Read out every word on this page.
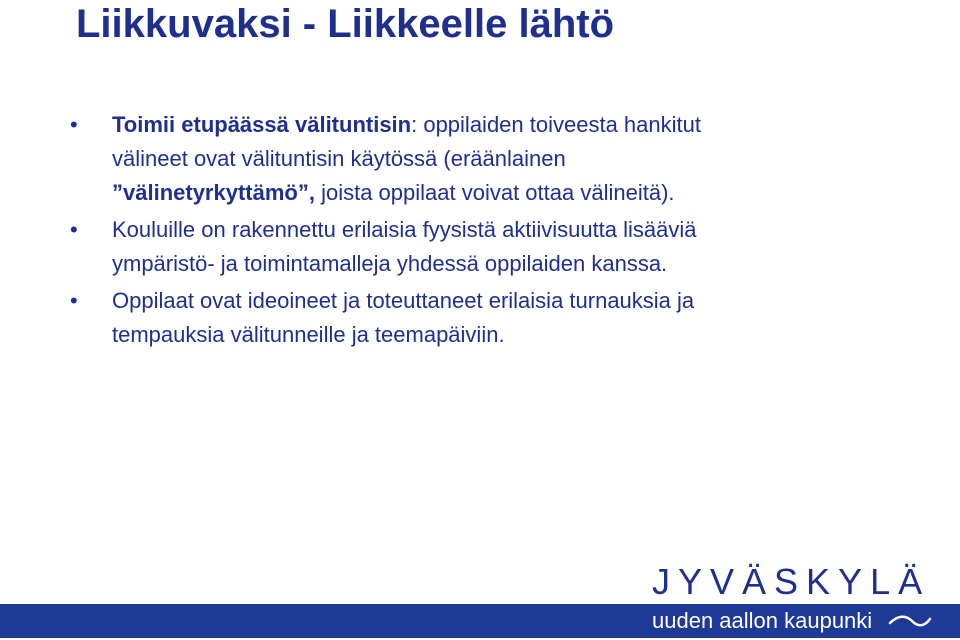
Liikkuvaksi - Liikkeelle lähtö
• Toimii etupäässä välituntisin: oppilaiden toiveesta hankitut
välineet ovat välituntisin käytössä (eräänlainen
”välinetyrkyttämö”, joista oppilaat voivat ottaa välineitä).
• Kouluille on rakennettu erilaisia fyysistä aktiivisuutta lisääviä
ympäristö- ja toimintamalleja yhdessä oppilaiden kanssa.
• Oppilaat ovat ideoineet ja toteuttaneet erilaisia turnauksia ja
tempauksia välitunneille ja teemapäiviin.
JYVÄSKYLÄ
uuden aallon kaupunki
